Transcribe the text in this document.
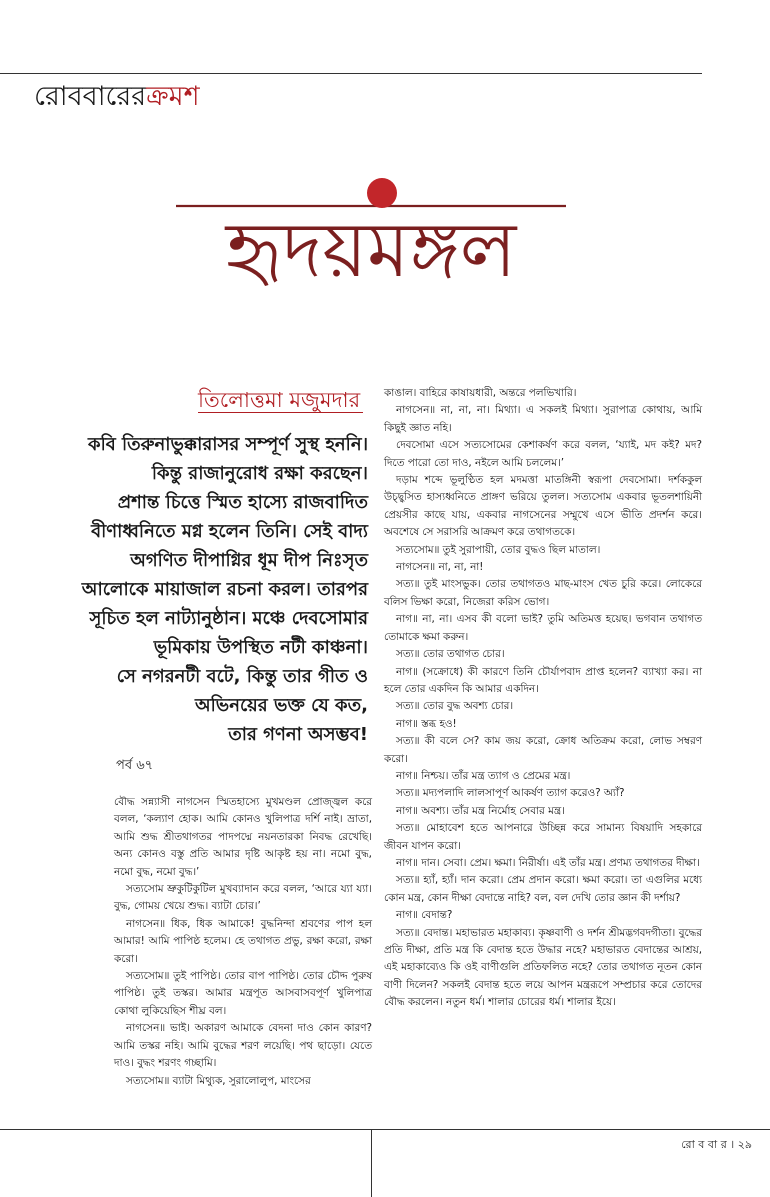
রোববারেরক্রমশ
হৃদয়মঙ্গল
তিলোত্তমা মজুমদার
কবি তিরুনাভুক্কারাসর সম্পূর্ণ সুস্থ হননি।
কিন্তু রাজানুরোধ রক্ষা করছেন।
প্রশান্ত চিত্তে স্মিত হাস্যে রাজবাদিত
বীণাধ্বনিতে মগ্ন হলেন তিনি। সেই বাদ্য
অগণিত দীপাগ্নির ধূম দীপ নিঃসৃত
আলোকে মায়াজাল রচনা করল। তারপর
সূচিত হল নাট্যানুষ্ঠান। মঞ্চে দেবসোমার
ভূমিকায় উপস্থিত নটী কাঞ্চনা।
সে নগরনটী বটে, কিন্তু তার গীত ও
অভিনয়ের ভক্ত যে কত,
তার গণনা অসম্ভব!
পর্ব ৬৭

বৌদ্ধ সন্ন্যাসী নাগসেন স্মিতহাস্যে মুখমণ্ডল প্রোজ্জ্বল করে বলল, ‘কল্যাণ হোক। আমি কোনও খুলিপাত্র দর্শি নাই। ভ্রাতা, আমি শুদ্ধ শ্রীতথাগতর পাদপদ্মে নয়নতারকা নিবদ্ধ রেখেছি। অন্য কোনও বস্তু প্রতি আমার দৃষ্টি আকৃষ্ট হয় না। নমো বুদ্ধ, নমো বুদ্ধ, নমো বুদ্ধ।’

সত্যসোম ভ্রুকুটিকুটিল মুখব্যাদান করে বলল, ‘আরে য্যা য্যা। বুদ্ধ, গোময় খেয়ে শুদ্ধ। ব্যাটা চোর।’

নাগসেন॥ ধিক, ধিক আমাকে! বুদ্ধনিন্দা শ্রবণের পাপ হল আমার! আমি পাপিষ্ঠ হলেম। হে তথাগত প্রভু, রক্ষা করো, রক্ষা করো।

সত্যসোম॥ তুই পাপিষ্ঠ। তোর বাপ পাপিষ্ঠ। তোর চৌদ্দ পুরুষ পাপিষ্ঠ। তুই তস্কর। আমার মন্ত্রপূত আসবাসবপূর্ণ খুলিপাত্র কোথা লুকিয়েছিস শীঘ্র বল।

নাগসেন॥ ভাই। অকারণ আমাকে বেদনা দাও কোন কারণ? আমি তস্কর নহি। আমি বুদ্ধের শরণ লয়েছি। পথ ছাড়ো। যেতে দাও। বুদ্ধং শরণং গচ্ছামি।

সত্যসোম॥ ব্যাটা মিথ্যুক, সুরালোলুপ, মাংসের

কাঙাল। বাহিরে কাষায়ধারী, অন্তরে পলভিখারি।

নাগসেন॥ না, না, না। মিথ্যা। এ সকলই মিথ্যা। সুরাপাত্র কোথায়, আমি কিছুই জ্ঞাত নহি।

দেবসোমা এসে সত্যসোমের কেশাকর্ষণ করে বলল, ‘য্যাই, মদ কই? মদ? দিতে পারো তো দাও, নইলে আমি চললেম।’

দড়াম শব্দে ভূলুণ্ঠিত হল মদমত্তা মাতঙ্গিনী স্বরূপা দেবসোমা। দর্শককুল উচ্ছ্বসিত হাস্যধ্বনিতে প্রাঙ্গণ ভরিয়ে তুলল। সত্যসোম একবার ভূতলশায়িনী প্রেয়সীর কাছে যায়, একবার নাগসেনের সম্মুখে এসে ভীতি প্রদর্শন করে। অবশেষে সে সরাসরি আক্রমণ করে তথাগতকে।

সত্যসোম॥ তুই সুরাপায়ী, তোর বুদ্ধও ছিল মাতাল।

নাগসেন॥ না, না, না!

সত্য॥ তুই মাংসভুক। তোর তথাগতও মাছ-মাংস খেত চুরি করে। লোকেরে বলিস ভিক্ষা করো, নিজেরা করিস ভোগ।

নাগ॥ না, না। এসব কী বলো ভাই? তুমি অতিমত্ত হয়েছ। ভগবান তথাগত তোমাকে ক্ষমা করুন।

সত্য॥ তোর তথাগত চোর।

নাগ॥ (সক্রোধে) কী কারণে তিনি চৌর্যাপবাদ প্রাপ্ত হলেন? ব্যাখ্যা কর। না হলে তোর একদিন কি আমার একদিন।

সত্য॥ তোর বুদ্ধ অবশ্য চোর।

নাগ॥ স্তব্ধ হও!

সত্য॥ কী বলে সে? কাম জয় করো, ক্রোধ অতিক্রম করো, লোভ সম্বরণ করো।

নাগ॥ নিশ্চয়। তাঁর মন্ত্র ত্যাগ ও প্রেমের মন্ত্র।

সত্য॥ মদ্যপলাদি লালসাপূর্ণ আকর্ষণ ত্যাগ করেও? অ্যাঁ?

নাগ॥ অবশ্য। তাঁর মন্ত্র নির্মোহ সেবার মন্ত্র।

সত্য॥ মোহাবেশ হতে আপনারে উচ্ছিন্ন করে সামান্য বিষয়াদি সহকারে জীবন যাপন করো।

নাগ॥ দান। সেবা। প্রেম। ক্ষমা। নিরীর্ষা। এই তাঁর মন্ত্র। প্রণম্য তথাগতর দীক্ষা।

সত্য॥ হ্যাঁ, হ্যাঁ। দান করো। প্রেম প্রদান করো। ক্ষমা করো। তা এগুলির মধ্যে কোন মন্ত্র, কোন দীক্ষা বেদান্তে নাহি? বল, বল দেখি তোর জ্ঞান কী দর্শায়?

নাগ॥ বেদান্ত?

সত্য॥ বেদান্ত। মহাভারত মহাকাব্য। কৃষ্ণবাণী ও দর্শন শ্রীমদ্ভগবদগীতা। বুদ্ধের প্রতি দীক্ষা, প্রতি মন্ত্র কি বেদান্ত হতে উদ্ধার নহে? মহাভারত বেদান্তের আশ্রয়, এই মহাকাব্যেও কি ওই বাণীগুলি প্রতিফলিত নহে? তোর তথাগত নূতন কোন বাণী দিলেন? সকলই বেদান্ত হতে লয়ে আপন মন্ত্ররূপে সম্প্রচার করে তোদের বৌদ্ধ করলেন। নতুন ধর্ম। শালার চোরের ধর্ম। শালার ইয়ে।

রো ব বা র । ২৯
